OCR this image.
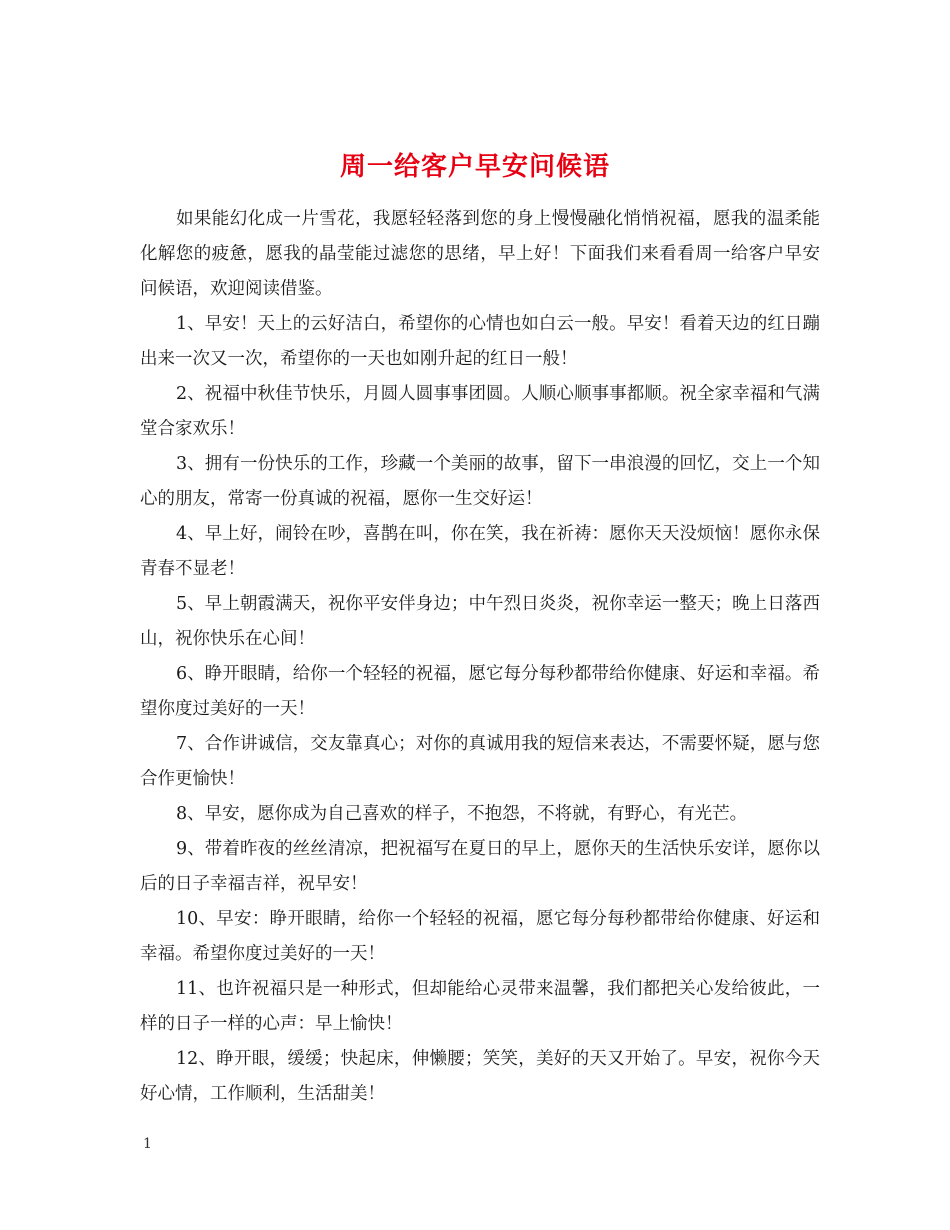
周一给客户早安问候语

如果能幻化成一片雪花，我愿轻轻落到您的身上慢慢融化悄悄祝福，愿我的温柔能化解您的疲惫，愿我的晶莹能过滤您的思绪，早上好！下面我们来看看周一给客户早安问候语，欢迎阅读借鉴。

1、早安！天上的云好洁白，希望你的心情也如白云一般。早安！看着天边的红日蹦出来一次又一次，希望你的一天也如刚升起的红日一般！

2、祝福中秋佳节快乐，月圆人圆事事团圆。人顺心顺事事都顺。祝全家幸福和气满堂合家欢乐！

3、拥有一份快乐的工作，珍藏一个美丽的故事，留下一串浪漫的回忆，交上一个知心的朋友，常寄一份真诚的祝福，愿你一生交好运！

4、早上好，闹铃在吵，喜鹊在叫，你在笑，我在祈祷：愿你天天没烦恼！愿你永保青春不显老！

5、早上朝霞满天，祝你平安伴身边；中午烈日炎炎，祝你幸运一整天；晚上日落西山，祝你快乐在心间！

6、睁开眼睛，给你一个轻轻的祝福，愿它每分每秒都带给你健康、好运和幸福。希望你度过美好的一天！

7、合作讲诚信，交友靠真心；对你的真诚用我的短信来表达，不需要怀疑，愿与您合作更愉快！

8、早安，愿你成为自己喜欢的样子，不抱怨，不将就，有野心，有光芒。

9、带着昨夜的丝丝清凉，把祝福写在夏日的早上，愿你天的生活快乐安详，愿你以后的日子幸福吉祥，祝早安！

10、早安：睁开眼睛，给你一个轻轻的祝福，愿它每分每秒都带给你健康、好运和幸福。希望你度过美好的一天！

11、也许祝福只是一种形式，但却能给心灵带来温馨，我们都把关心发给彼此，一样的日子一样的心声：早上愉快！

12、睁开眼，缓缓；快起床，伸懒腰；笑笑，美好的天又开始了。早安，祝你今天好心情，工作顺利，生活甜美！

1
